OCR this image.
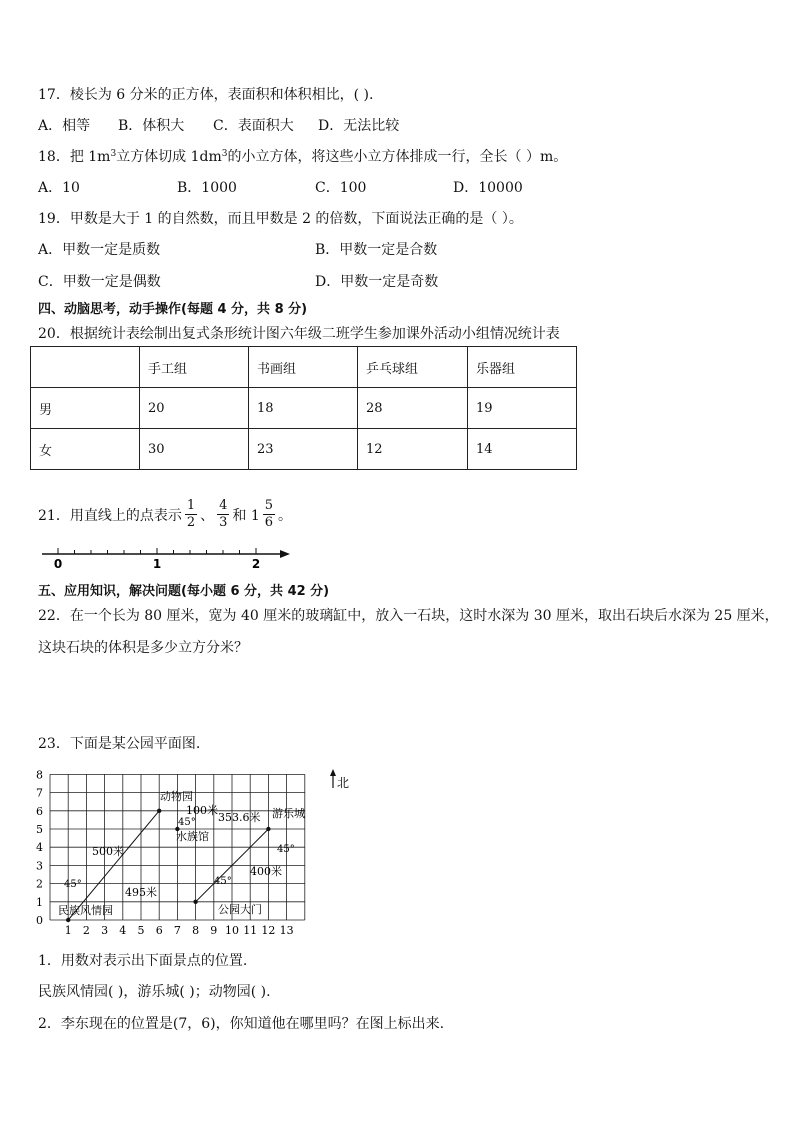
17．棱长为 6 分米的正方体，表面积和体积相比，( ).
A．相等 B．体积大 C．表面积大 D．无法比较
18．把 $1m^3$立方体切成 $1dm^3$的小立方体，将这些小立方体排成一行，全长（ ）m。
A．10	B．1000	C．100	D．10000
19．甲数是大于 1 的自然数，而且甲数是 2 的倍数，下面说法正确的是（ ）。
A．甲数一定是质数	B．甲数一定是合数
C．甲数一定是偶数	D．甲数一定是奇数
四、动脑思考，动手操作(每题 4 分，共 8 分)
20．根据统计表绘制出复式条形统计图六年级二班学生参加课外活动小组情况统计表
	手工组	书画组	乒乓球组	乐器组
男	20	18	28	19
女	30	23	12	14
21．用直线上的点表示 $\frac{1}{2}$ 、 $\frac{4}{3}$ 和 $1 \frac{5}{6}$ 。
0	1	2
五、应用知识，解决问题(每小题 6 分，共 42 分)
22．在一个长为 80 厘米，宽为 40 厘米的玻璃缸中，放入一石块，这时水深为 30 厘米，取出石块后水深为 25 厘米，
这块石块的体积是多少立方分米？
23．下面是某公园平面图.
0
1
2
3
4
5
6
7
8
1 2 3 4 5 6 7 8 9 10 11 12 13
北
民族风情园
动物园
水族馆
游乐城
公园大门
500米
45°
495米
100米
45° 353.6米
45°
400米
45°
1．用数对表示出下面景点的位置.
民族风情园( )，游乐城( )；动物园( ).
2．李东现在的位置是(7，6)，你知道他在哪里吗？在图上标出来.
